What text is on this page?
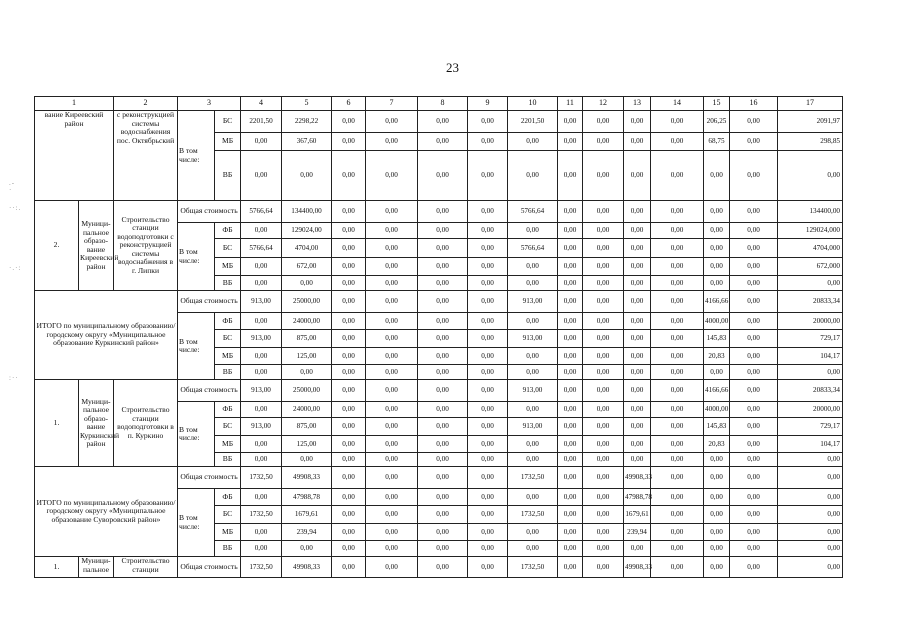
23
.-·
··:.
·.·:
:··
1		2	3		4	5	6	7	8	9	10	11	12	13	14	15	16	17
вание Киреевский район		с реконструкцией системы водоснабжения пос. Октябрьский	В том числе:	БС	2201,50	2298,22	0,00	0,00	0,00	0,00	2201,50	0,00	0,00	0,00	0,00	206,25	0,00	2091,97
				МБ	0,00	367,60	0,00	0,00	0,00	0,00	0,00	0,00	0,00	0,00	0,00	68,75	0,00	298,85
				ВБ	0,00	0,00	0,00	0,00	0,00	0,00	0,00	0,00	0,00	0,00	0,00	0,00	0,00	0,00
2.	Муници-пальное образо-вание Киреевский район	Строительство станции водоподготовки с реконструкцией системы водоснабжения в г. Липки	Общая стоимость		5766,64	134400,00	0,00	0,00	0,00	0,00	5766,64	0,00	0,00	0,00	0,00	0,00	0,00	134400,00
			В том числе:	ФБ	0,00	129024,00	0,00	0,00	0,00	0,00	0,00	0,00	0,00	0,00	0,00	0,00	0,00	129024,000
				БС	5766,64	4704,00	0,00	0,00	0,00	0,00	5766,64	0,00	0,00	0,00	0,00	0,00	0,00	4704,000
				МБ	0,00	672,00	0,00	0,00	0,00	0,00	0,00	0,00	0,00	0,00	0,00	0,00	0,00	672,000
				ВБ	0,00	0,00	0,00	0,00	0,00	0,00	0,00	0,00	0,00	0,00	0,00	0,00	0,00	0,00
ИТОГО по муниципальному образованию/городскому округу «Муниципальное образование Куркинский район»			Общая стоимость		913,00	25000,00	0,00	0,00	0,00	0,00	913,00	0,00	0,00	0,00	0,00	4166,66	0,00	20833,34
			В том числе:	ФБ	0,00	24000,00	0,00	0,00	0,00	0,00	0,00	0,00	0,00	0,00	0,00	4000,00	0,00	20000,00
				БС	913,00	875,00	0,00	0,00	0,00	0,00	913,00	0,00	0,00	0,00	0,00	145,83	0,00	729,17
				МБ	0,00	125,00	0,00	0,00	0,00	0,00	0,00	0,00	0,00	0,00	0,00	20,83	0,00	104,17
				ВБ	0,00	0,00	0,00	0,00	0,00	0,00	0,00	0,00	0,00	0,00	0,00	0,00	0,00	0,00
1.	Муници-пальное образо-вание Куркинский район	Строительство станции водоподготовки в п. Куркино	Общая стоимость		913,00	25000,00	0,00	0,00	0,00	0,00	913,00	0,00	0,00	0,00	0,00	4166,66	0,00	20833,34
			В том числе:	ФБ	0,00	24000,00	0,00	0,00	0,00	0,00	0,00	0,00	0,00	0,00	0,00	4000,00	0,00	20000,00
				БС	913,00	875,00	0,00	0,00	0,00	0,00	913,00	0,00	0,00	0,00	0,00	145,83	0,00	729,17
				МБ	0,00	125,00	0,00	0,00	0,00	0,00	0,00	0,00	0,00	0,00	0,00	20,83	0,00	104,17
				ВБ	0,00	0,00	0,00	0,00	0,00	0,00	0,00	0,00	0,00	0,00	0,00	0,00	0,00	0,00
ИТОГО по муниципальному образованию/городскому округу «Муниципальное образование Суворовский район»			Общая стоимость		1732,50	49908,33	0,00	0,00	0,00	0,00	1732,50	0,00	0,00	49908,33	0,00	0,00	0,00	0,00
			В том числе:	ФБ	0,00	47988,78	0,00	0,00	0,00	0,00	0,00	0,00	0,00	47988,78	0,00	0,00	0,00	0,00
				БС	1732,50	1679,61	0,00	0,00	0,00	0,00	1732,50	0,00	0,00	1679,61	0,00	0,00	0,00	0,00
				МБ	0,00	239,94	0,00	0,00	0,00	0,00	0,00	0,00	0,00	239,94	0,00	0,00	0,00	0,00
				ВБ	0,00	0,00	0,00	0,00	0,00	0,00	0,00	0,00	0,00	0,00	0,00	0,00	0,00	0,00
1.	Муници-пальное	Строительство станции	Общая стоимость		1732,50	49908,33	0,00	0,00	0,00	0,00	1732,50	0,00	0,00	49908,33	0,00	0,00	0,00	0,00
